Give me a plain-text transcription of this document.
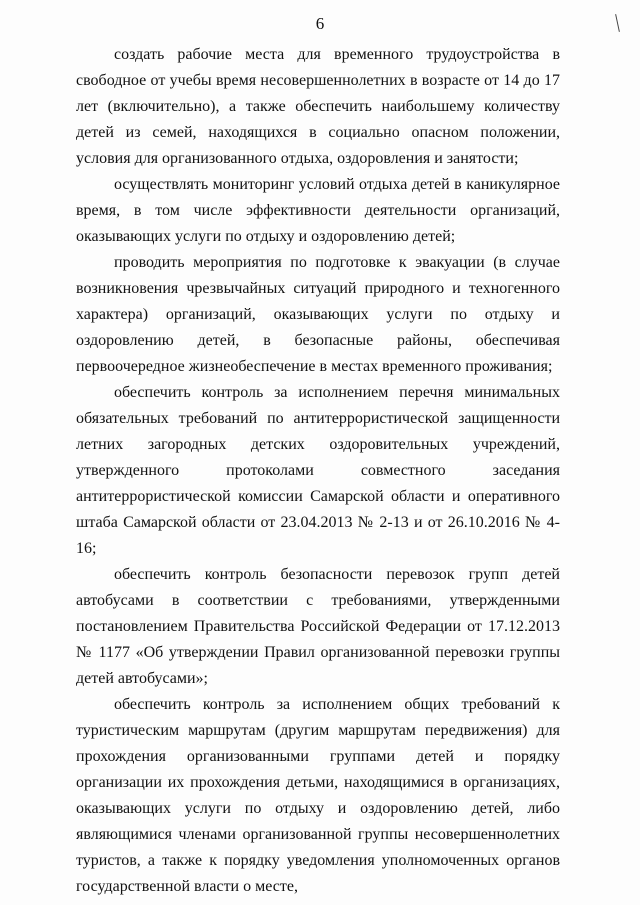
6

создать рабочие места для временного трудоустройства в свободное от учебы время несовершеннолетних в возрасте от 14 до 17 лет (включительно), а также обеспечить наибольшему количеству детей из семей, находящихся в социально опасном положении, условия для организованного отдыха, оздоровления и занятости;

осуществлять мониторинг условий отдыха детей в каникулярное время, в том числе эффективности деятельности организаций, оказывающих услуги по отдыху и оздоровлению детей;

проводить мероприятия по подготовке к эвакуации (в случае возникновения чрезвычайных ситуаций природного и техногенного характера) организаций, оказывающих услуги по отдыху и оздоровлению детей, в безопасные районы, обеспечивая первоочередное жизнеобеспечение в местах временного проживания;

обеспечить контроль за исполнением перечня минимальных обязательных требований по антитеррористической защищенности летних загородных детских оздоровительных учреждений, утвержденного протоколами совместного заседания антитеррористической комиссии Самарской области и оперативного штаба Самарской области от 23.04.2013 № 2-13 и от 26.10.2016 № 4-16;

обеспечить контроль безопасности перевозок групп детей автобусами в соответствии с требованиями, утвержденными постановлением Правительства Российской Федерации от 17.12.2013 № 1177 «Об утверждении Правил организованной перевозки группы детей автобусами»;

обеспечить контроль за исполнением общих требований к туристическим маршрутам (другим маршрутам передвижения) для прохождения организованными группами детей и порядку организации их прохождения детьми, находящимися в организациях, оказывающих услуги по отдыху и оздоровлению детей, либо являющимися членами организованной группы несовершеннолетних туристов, а также к порядку уведомления уполномоченных органов государственной власти о месте,
